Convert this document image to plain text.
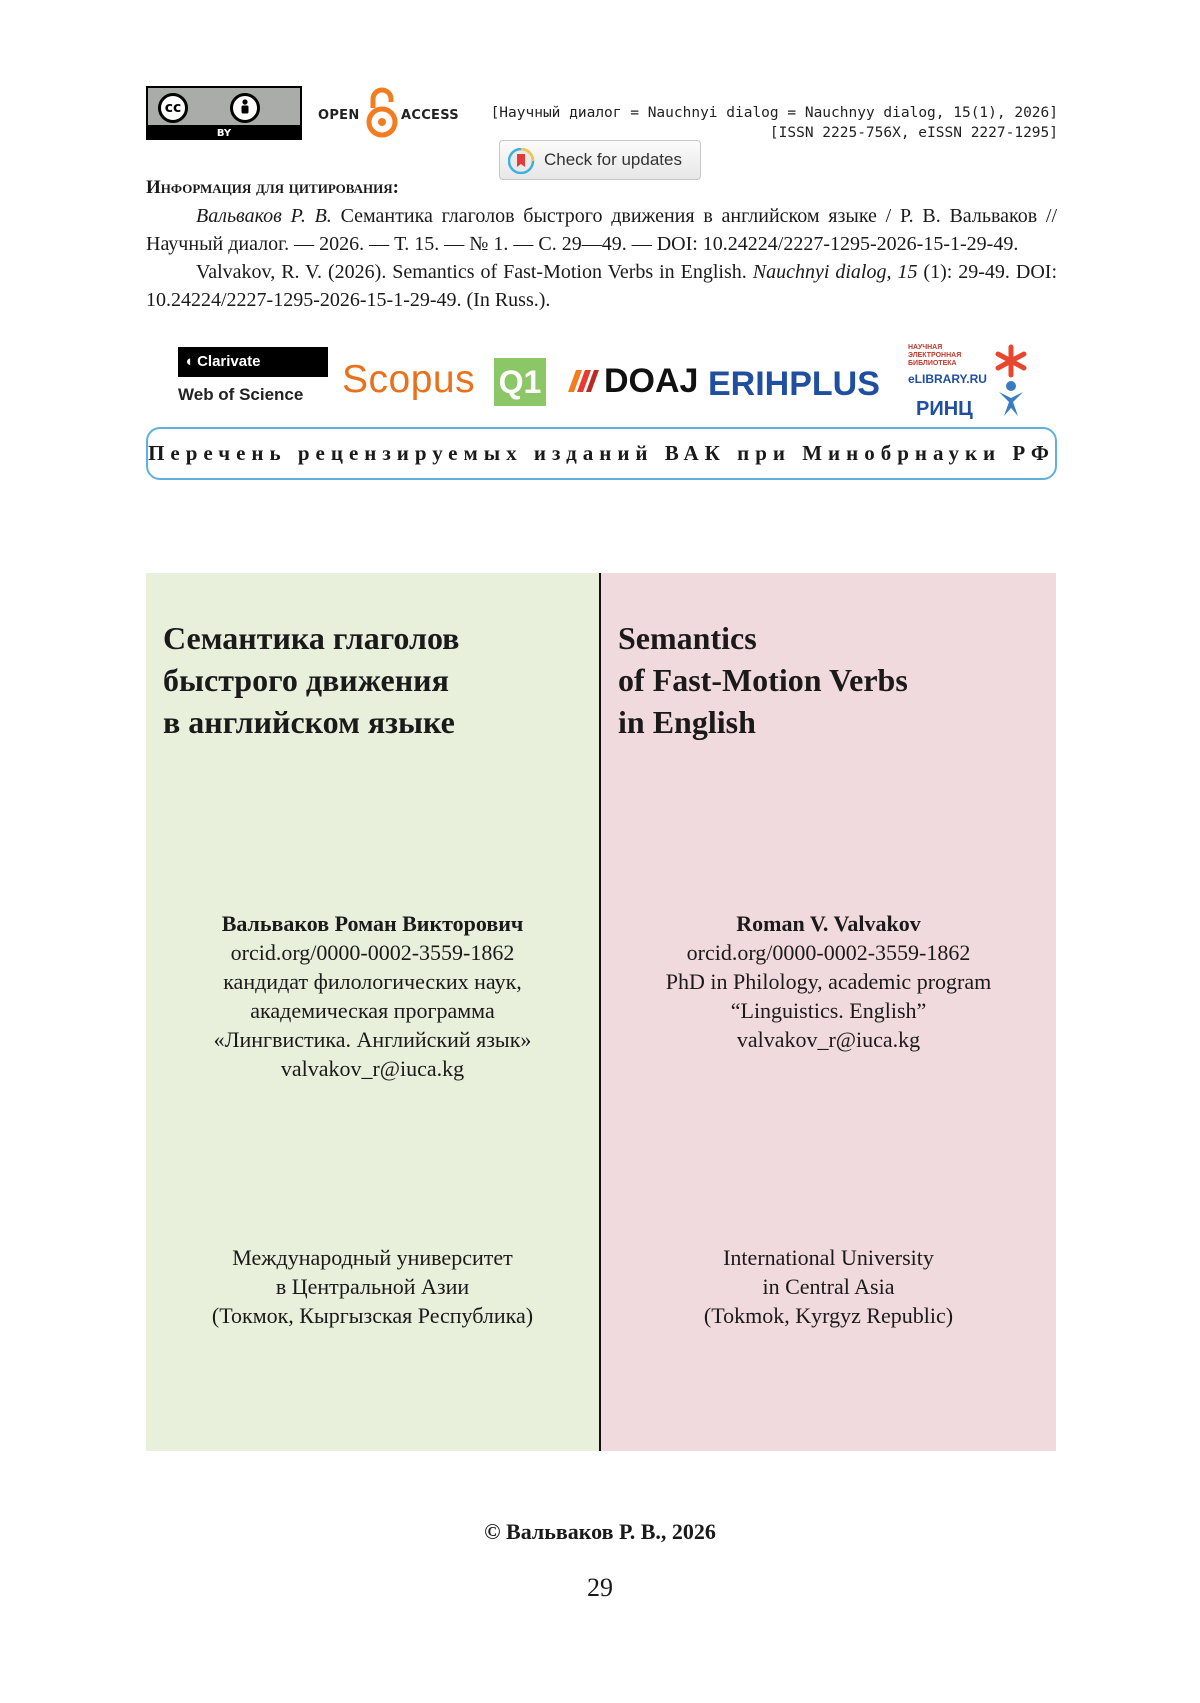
cc
BY
OPEN	ACCESS [Научный диалог = Nauchnyi dialog = Nauchnyy dialog, 15(1), 2026]
[ISSN 2225-756X, eISSN 2227-1295]
Check for updates
Информация для цитирования:

Вальваков Р. В. Семантика глаголов быстрого движения в английском языке / Р. В. Вальваков // Научный диалог. — 2026. — Т. 15. — № 1. — С. 29—49. — DOI: 10.24224/2227-1295-2026-15-1-29-49.

Valvakov, R. V. (2026). Semantics of Fast-Motion Verbs in English. Nauchnyi dialog, 15 (1): 29-49. DOI: 10.24224/2227-1295-2026-15-1-29-49. (In Russ.).

◖ Clarivate
Web of Science Scopus Q1	DOAJ ERIHPLUS
НАУЧНАЯ ЭЛЕКТРОННАЯ БИБЛИОТЕКА
eLIBRARY.RU
РИНЦ
Перечень рецензируемых изданий ВАК при Минобрнауки РФ
Семантика глаголов
быстрого движения
в английском языке
Вальваков Роман Викторович
orcid.org/0000-0002-3559-1862
кандидат филологических наук,
академическая программа
«Лингвистика. Английский язык»
valvakov_r@iuca.kg
Международный университет
в Центральной Азии
(Токмок, Кыргызская Республика)
Semantics
of Fast-Motion Verbs
in English
Roman V. Valvakov
orcid.org/0000-0002-3559-1862
PhD in Philology, academic program
“Linguistics. English”
valvakov_r@iuca.kg
International University
in Central Asia
(Tokmok, Kyrgyz Republic)
© Вальваков Р. В., 2026
29
